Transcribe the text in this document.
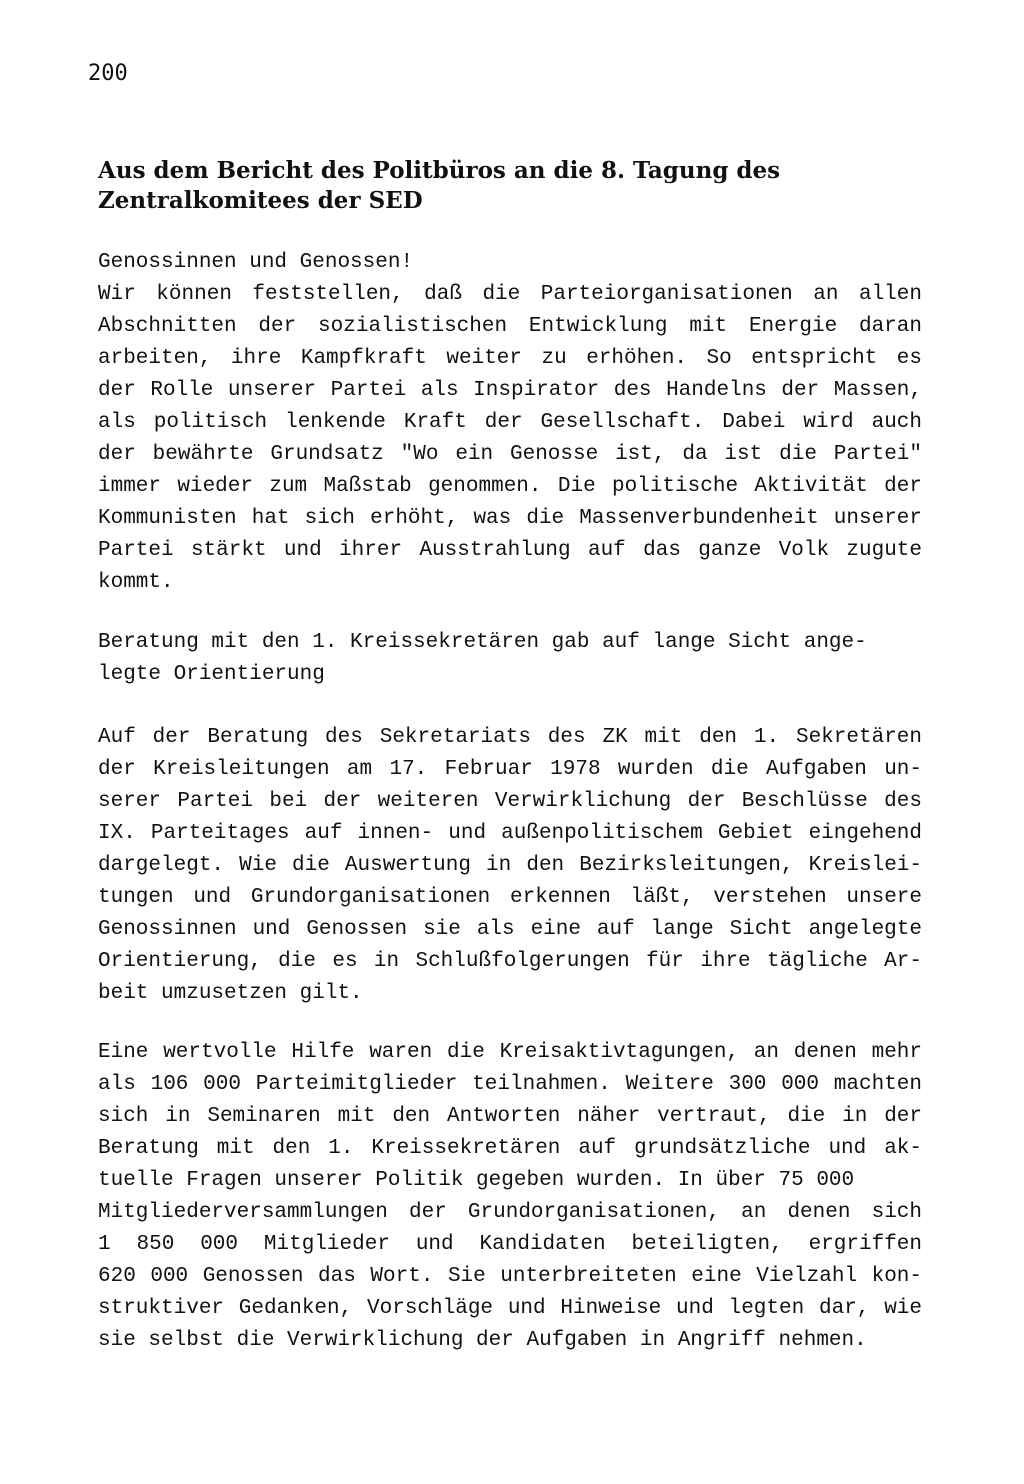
200
Aus dem Bericht des Politbüros an die 8. Tagung des
Zentralkomitees der SED
Genossinnen und Genossen!
Wir können feststellen, daß die Parteiorganisationen an allen
Abschnitten der sozialistischen Entwicklung mit Energie daran
arbeiten, ihre Kampfkraft weiter zu erhöhen. So entspricht es
der Rolle unserer Partei als Inspirator des Handelns der Massen,
als politisch lenkende Kraft der Gesellschaft. Dabei wird auch
der bewährte Grundsatz "Wo ein Genosse ist, da ist die Partei"
immer wieder zum Maßstab genommen. Die politische Aktivität der
Kommunisten hat sich erhöht, was die Massenverbundenheit unserer
Partei stärkt und ihrer Ausstrahlung auf das ganze Volk zugute
kommt.
Beratung mit den 1. Kreissekretären gab auf lange Sicht ange-
legte Orientierung
Auf der Beratung des Sekretariats des ZK mit den 1. Sekretären
der Kreisleitungen am 17. Februar 1978 wurden die Aufgaben un-
serer Partei bei der weiteren Verwirklichung der Beschlüsse des
IX. Parteitages auf innen- und außenpolitischem Gebiet eingehend
dargelegt. Wie die Auswertung in den Bezirksleitungen, Kreislei-
tungen und Grundorganisationen erkennen läßt, verstehen unsere
Genossinnen und Genossen sie als eine auf lange Sicht angelegte
Orientierung, die es in Schlußfolgerungen für ihre tägliche Ar-
beit umzusetzen gilt.
Eine wertvolle Hilfe waren die Kreisaktivtagungen, an denen mehr
als 106 000 Parteimitglieder teilnahmen. Weitere 300 000 machten
sich in Seminaren mit den Antworten näher vertraut, die in der
Beratung mit den 1. Kreissekretären auf grundsätzliche und ak-
tuelle Fragen unserer Politik gegeben wurden. In über 75 000
Mitgliederversammlungen der Grundorganisationen, an denen sich
1 850 000 Mitglieder und Kandidaten beteiligten, ergriffen
620 000 Genossen das Wort. Sie unterbreiteten eine Vielzahl kon-
struktiver Gedanken, Vorschläge und Hinweise und legten dar, wie
sie selbst die Verwirklichung der Aufgaben in Angriff nehmen.
